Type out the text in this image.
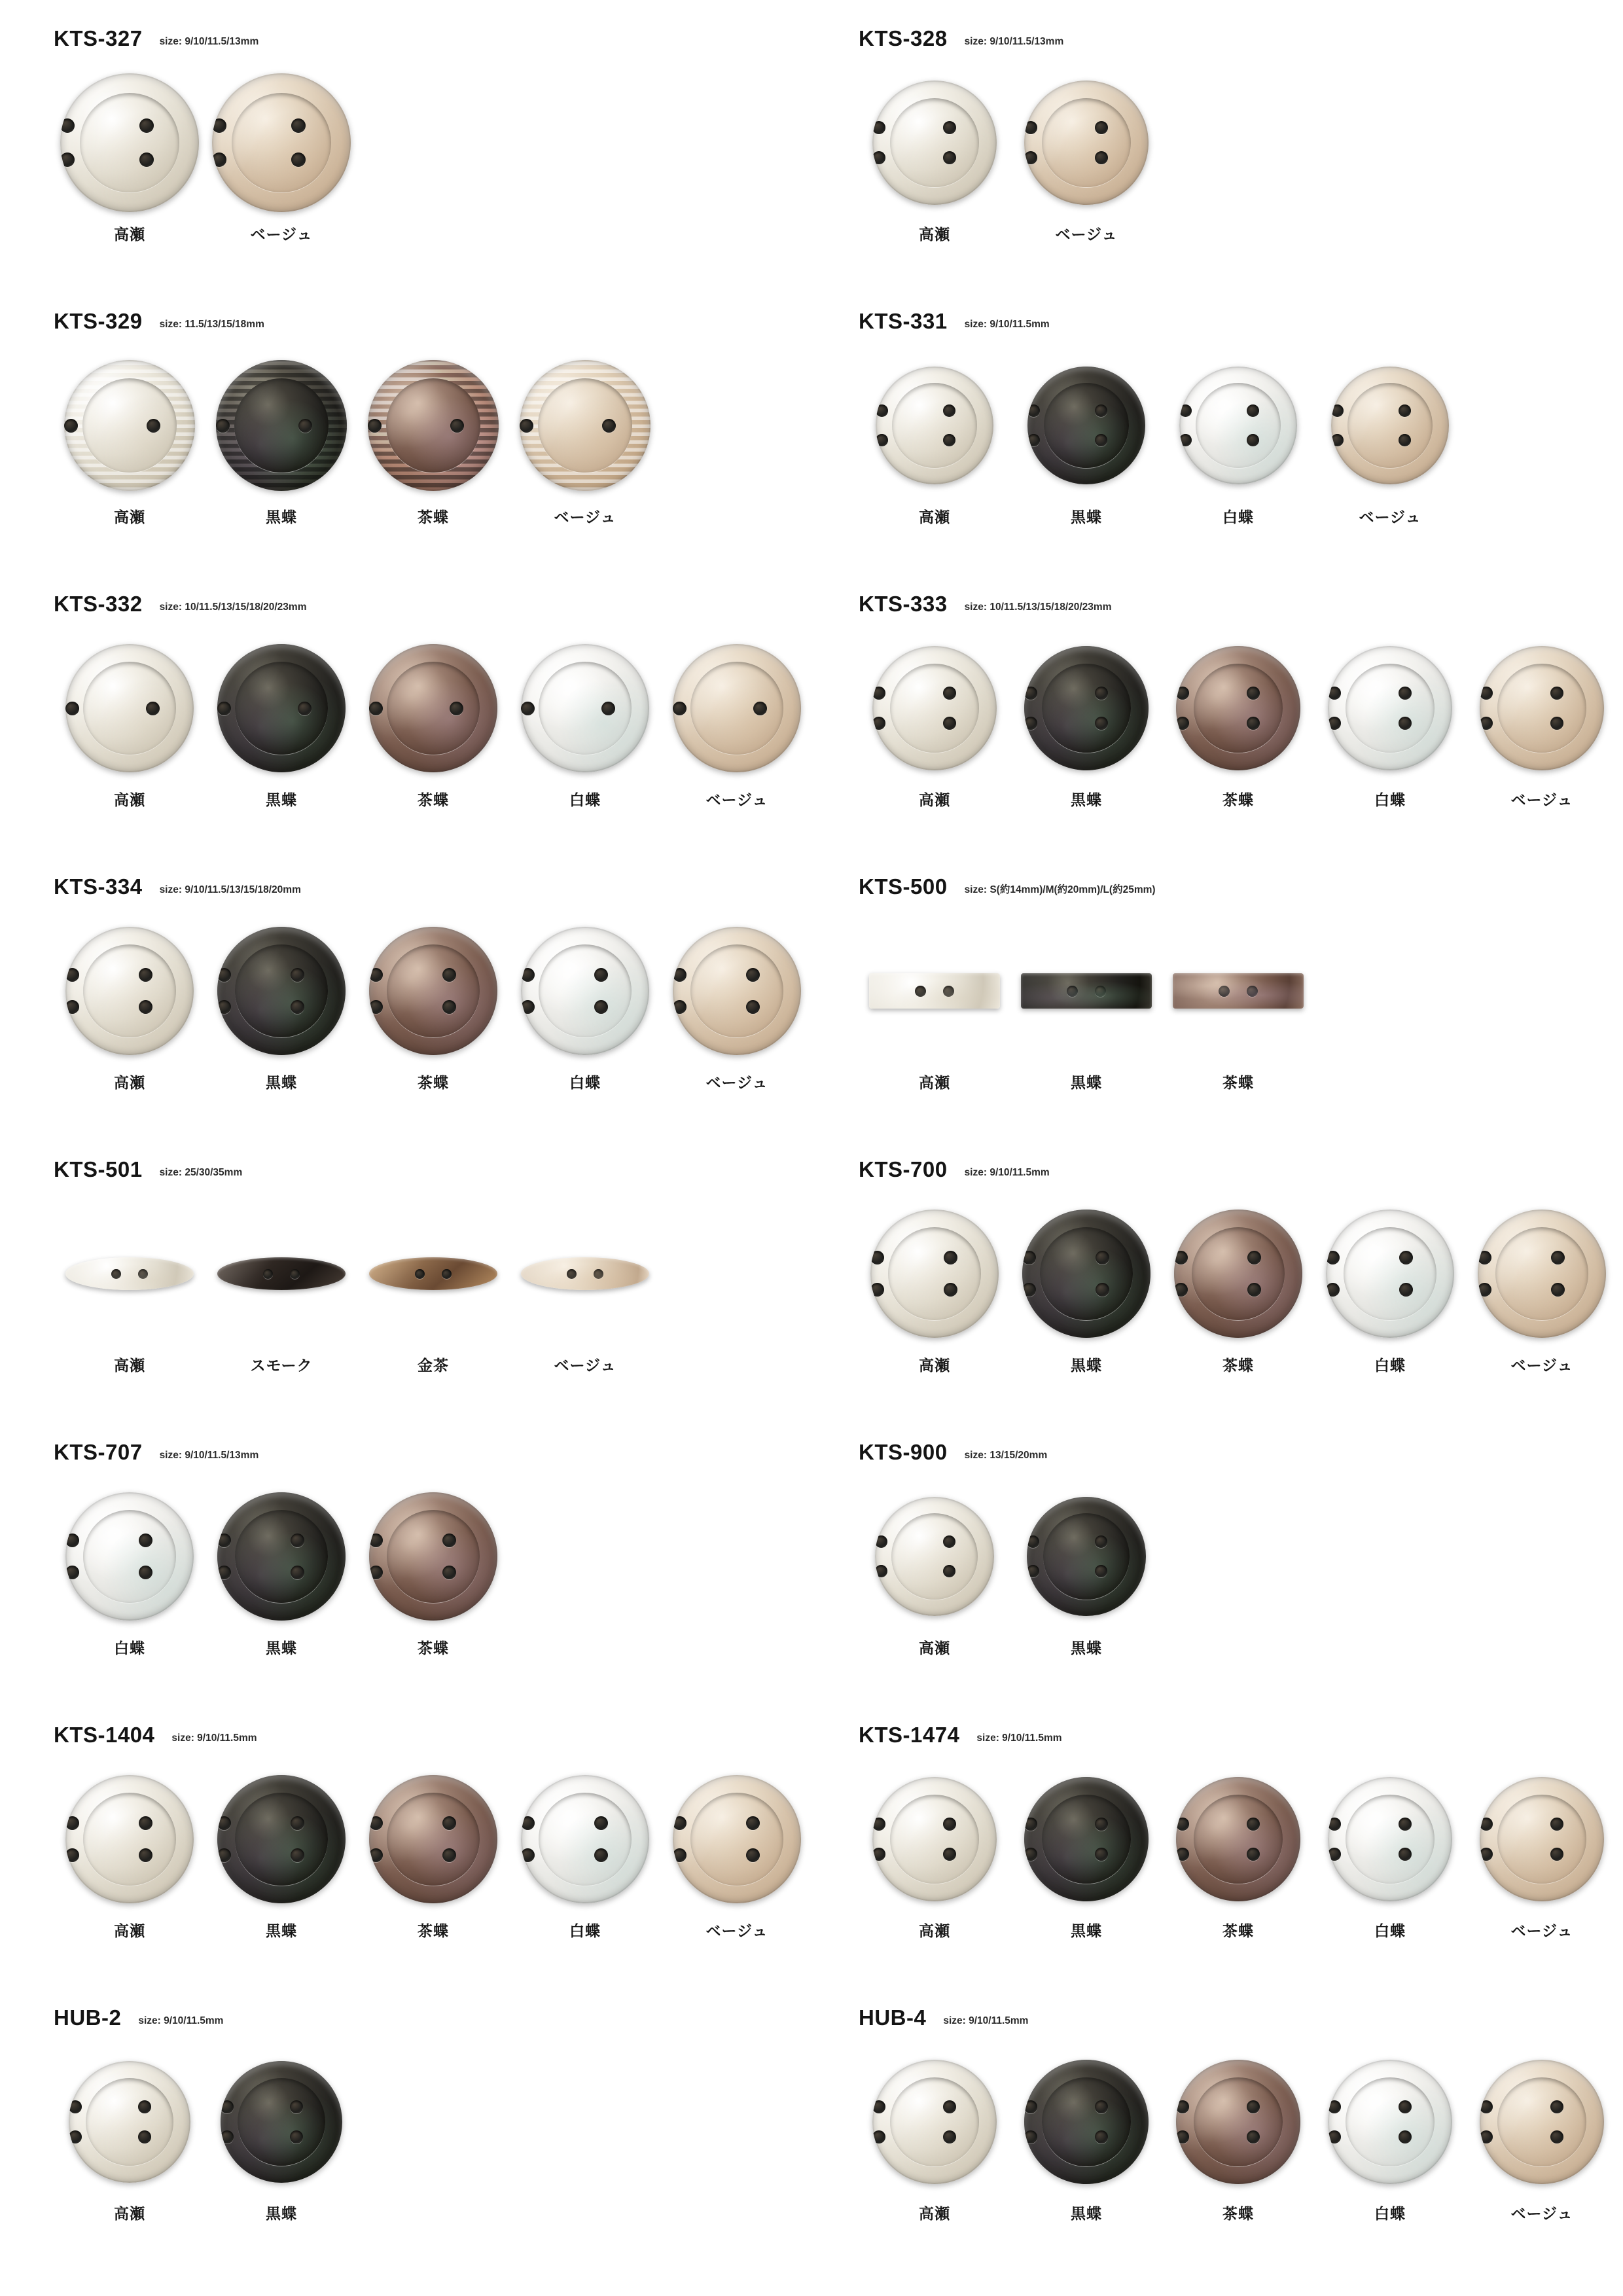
KTS-327 size: 9/10/11.5/13mm
高瀬	ベージュ
KTS-328 size: 9/10/11.5/13mm
高瀬	ベージュ
KTS-329 size: 11.5/13/15/18mm
高瀬	黒蝶	茶蝶	ベージュ
KTS-331 size: 9/10/11.5mm
高瀬	黒蝶	白蝶	ベージュ
KTS-332 size: 10/11.5/13/15/18/20/23mm
高瀬	黒蝶	茶蝶	白蝶	ベージュ
KTS-333 size: 10/11.5/13/15/18/20/23mm
高瀬	黒蝶	茶蝶	白蝶	ベージュ
KTS-334 size: 9/10/11.5/13/15/18/20mm
高瀬	黒蝶	茶蝶	白蝶	ベージュ
KTS-500 size: S(約14mm)/M(約20mm)/L(約25mm)
高瀬	黒蝶	茶蝶
KTS-501 size: 25/30/35mm
高瀬	スモーク	金茶	ベージュ
KTS-700 size: 9/10/11.5mm
高瀬	黒蝶	茶蝶	白蝶	ベージュ
KTS-707 size: 9/10/11.5/13mm
白蝶	黒蝶	茶蝶
KTS-900 size: 13/15/20mm
高瀬	黒蝶
KTS-1404 size: 9/10/11.5mm
高瀬	黒蝶	茶蝶	白蝶	ベージュ
KTS-1474 size: 9/10/11.5mm
高瀬	黒蝶	茶蝶	白蝶	ベージュ
HUB-2 size: 9/10/11.5mm
高瀬	黒蝶
HUB-4 size: 9/10/11.5mm
高瀬	黒蝶	茶蝶	白蝶	ベージュ
